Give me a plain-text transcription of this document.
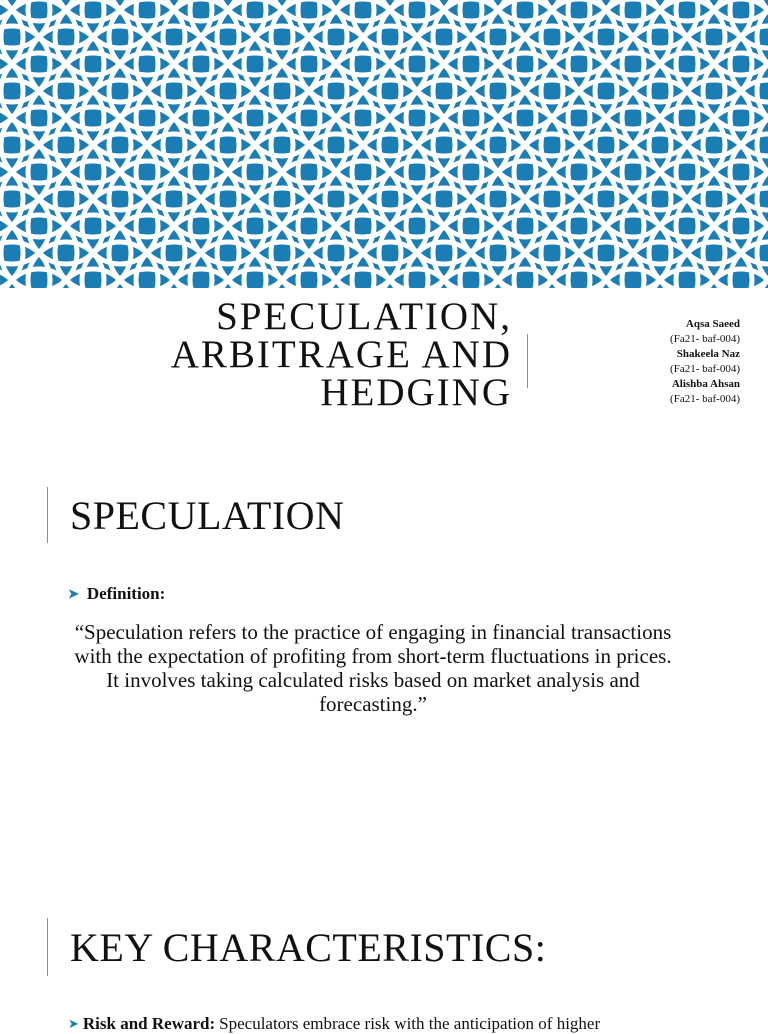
SPECULATION,
ARBITRAGE AND
HEDGING
Aqsa Saeed
(Fa21- baf-004)
Shakeela Naz
(Fa21- baf-004)
Alishba Ahsan
(Fa21- baf-004)
SPECULATION
➤ Definition:
“Speculation refers to the practice of engaging in financial transactions with the expectation of profiting from short-term fluctuations in prices. It involves taking calculated risks based on market analysis and forecasting.”
KEY CHARACTERISTICS:
➤ Risk and Reward: Speculators embrace risk with the anticipation of higher
